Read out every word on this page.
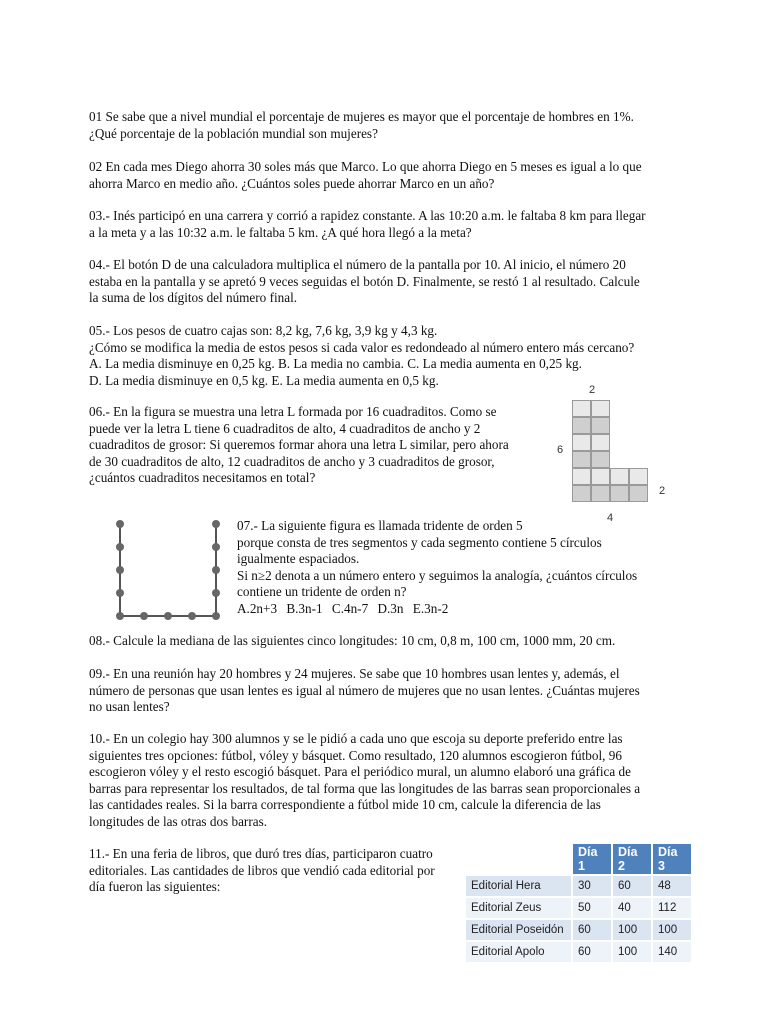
01 Se sabe que a nivel mundial el porcentaje de mujeres es mayor que el porcentaje de hombres en 1%.
¿Qué porcentaje de la población mundial son mujeres?
02 En cada mes Diego ahorra 30 soles más que Marco. Lo que ahorra Diego en 5 meses es igual a lo que
ahorra Marco en medio año. ¿Cuántos soles puede ahorrar Marco en un año?
03.- Inés participó en una carrera y corrió a rapidez constante. A las 10:20 a.m. le faltaba 8 km para llegar
a la meta y a las 10:32 a.m. le faltaba 5 km. ¿A qué hora llegó a la meta?
04.- El botón D de una calculadora multiplica el número de la pantalla por 10. Al inicio, el número 20
estaba en la pantalla y se apretó 9 veces seguidas el botón D. Finalmente, se restó 1 al resultado. Calcule
la suma de los dígitos del número final.
05.- Los pesos de cuatro cajas son: 8,2 kg, 7,6 kg, 3,9 kg y 4,3 kg.
¿Cómo se modifica la media de estos pesos si cada valor es redondeado al número entero más cercano?
A. La media disminuye en 0,25 kg. B. La media no cambia. C. La media aumenta en 0,25 kg.
D. La media disminuye en 0,5 kg. E. La media aumenta en 0,5 kg.
06.- En la figura se muestra una letra L formada por 16 cuadraditos. Como se
puede ver la letra L tiene 6 cuadraditos de alto, 4 cuadraditos de ancho y 2
cuadraditos de grosor: Si queremos formar ahora una letra L similar, pero ahora
de 30 cuadraditos de alto, 12 cuadraditos de ancho y 3 cuadraditos de grosor,
¿cuántos cuadraditos necesitamos en total?
2
6
2
4
07.- La siguiente figura es llamada tridente de orden 5
porque consta de tres segmentos y cada segmento contiene 5 círculos
igualmente espaciados.
Si n≥2 denota a un número entero y seguimos la analogía, ¿cuántos círculos
contiene un tridente de orden n?
A.2n+3 B.3n-1 C.4n-7 D.3n E.3n-2
08.- Calcule la mediana de las siguientes cinco longitudes: 10 cm, 0,8 m, 100 cm, 1000 mm, 20 cm.
09.- En una reunión hay 20 hombres y 24 mujeres. Se sabe que 10 hombres usan lentes y, además, el
número de personas que usan lentes es igual al número de mujeres que no usan lentes. ¿Cuántas mujeres
no usan lentes?
10.- En un colegio hay 300 alumnos y se le pidió a cada uno que escoja su deporte preferido entre las
siguientes tres opciones: fútbol, vóley y básquet. Como resultado, 120 alumnos escogieron fútbol, 96
escogieron vóley y el resto escogió básquet. Para el periódico mural, un alumno elaboró una gráfica de
barras para representar los resultados, de tal forma que las longitudes de las barras sean proporcionales a
las cantidades reales. Si la barra correspondiente a fútbol mide 10 cm, calcule la diferencia de las
longitudes de las otras dos barras.
11.- En una feria de libros, que duró tres días, participaron cuatro
editoriales. Las cantidades de libros que vendió cada editorial por
día fueron las siguientes:
	Día 1	Día 2	Día 3
Editorial Hera	30	60	48
Editorial Zeus	50	40	112
Editorial Poseidón	60	100	100
Editorial Apolo	60	100	140
